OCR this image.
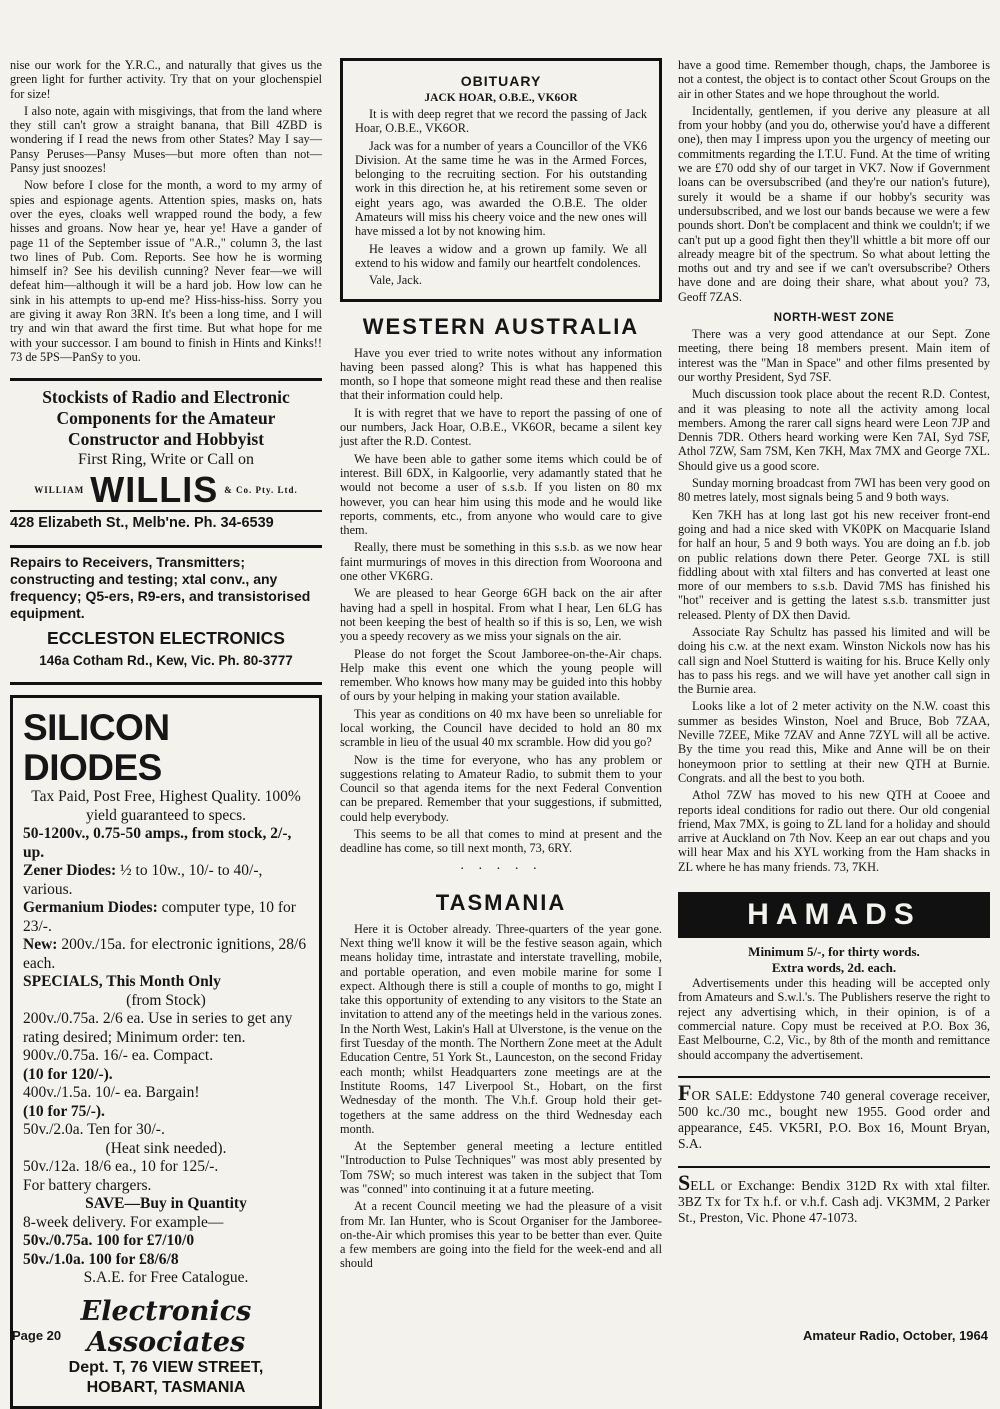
nise our work for the Y.R.C., and naturally that gives us the green light for further activity. Try that on your glochenspiel for size!

I also note, again with misgivings, that from the land where they still can't grow a straight banana, that Bill 4ZBD is wondering if I read the news from other States? May I say—Pansy Peruses—Pansy Muses—but more often than not—Pansy just snoozes!

Now before I close for the month, a word to my army of spies and espionage agents. Attention spies, masks on, hats over the eyes, cloaks well wrapped round the body, a few hisses and groans. Now hear ye, hear ye! Have a gander of page 11 of the September issue of "A.R.," column 3, the last two lines of Pub. Com. Reports. See how he is worming himself in? See his devilish cunning? Never fear—we will defeat him—although it will be a hard job. How low can he sink in his attempts to up-end me? Hiss-hiss-hiss. Sorry you are giving it away Ron 3RN. It's been a long time, and I will try and win that award the first time. But what hope for me with your successor. I am bound to finish in Hints and Kinks!! 73 de 5PS—PanSy to you.

Stockists of Radio and Electronic
Components for the Amateur
Constructor and Hobbyist
First Ring, Write or Call on
WILLIAM WILLIS & Co. Pty. Ltd.
428 Elizabeth St., Melb'ne. Ph. 34-6539
Repairs to Receivers, Transmitters; constructing and testing; xtal conv., any frequency; Q5-ers, R9-ers, and transistorised equipment.
ECCLESTON ELECTRONICS
146a Cotham Rd., Kew, Vic. Ph. 80-3777
SILICON DIODES

Tax Paid, Post Free, Highest Quality. 100% yield guaranteed to specs.

50-1200v., 0.75-50 amps., from stock, 2/-, up.

Zener Diodes: ½ to 10w., 10/- to 40/-, various.

Germanium Diodes: computer type, 10 for 23/-.

New: 200v./15a. for electronic ignitions, 28/6 each.

SPECIALS, This Month Only

(from Stock)

200v./0.75a. 2/6 ea. Use in series to get any rating desired; Minimum order: ten.

900v./0.75a. 16/- ea. Compact.

(10 for 120/-).

400v./1.5a. 10/- ea. Bargain!

(10 for 75/-).

50v./2.0a. Ten for 30/-.

(Heat sink needed).

50v./12a. 18/6 ea., 10 for 125/-.

For battery chargers.

SAVE—Buy in Quantity

8-week delivery. For example—

50v./0.75a. 100 for £7/10/0

50v./1.0a. 100 for £8/6/8

S.A.E. for Free Catalogue.

Electronics Associates
Dept. T, 76 VIEW STREET,
HOBART, TASMANIA
OBITUARY
JACK HOAR, O.B.E., VK6OR

It is with deep regret that we record the passing of Jack Hoar, O.B.E., VK6OR.

Jack was for a number of years a Councillor of the VK6 Division. At the same time he was in the Armed Forces, belonging to the recruiting section. For his outstanding work in this direction he, at his retirement some seven or eight years ago, was awarded the O.B.E. The older Amateurs will miss his cheery voice and the new ones will have missed a lot by not knowing him.

He leaves a widow and a grown up family. We all extend to his widow and family our heartfelt condolences.

Vale, Jack.

WESTERN AUSTRALIA

Have you ever tried to write notes without any information having been passed along? This is what has happened this month, so I hope that someone might read these and then realise that their information could help.

It is with regret that we have to report the passing of one of our numbers, Jack Hoar, O.B.E., VK6OR, became a silent key just after the R.D. Contest.

We have been able to gather some items which could be of interest. Bill 6DX, in Kalgoorlie, very adamantly stated that he would not become a user of s.s.b. If you listen on 80 mx however, you can hear him using this mode and he would like reports, comments, etc., from anyone who would care to give them.

Really, there must be something in this s.s.b. as we now hear faint murmurings of moves in this direction from Wooroona and one other VK6RG.

We are pleased to hear George 6GH back on the air after having had a spell in hospital. From what I hear, Len 6LG has not been keeping the best of health so if this is so, Len, we wish you a speedy recovery as we miss your signals on the air.

Please do not forget the Scout Jamboree-on-the-Air chaps. Help make this event one which the young people will remember. Who knows how many may be guided into this hobby of ours by your helping in making your station available.

This year as conditions on 40 mx have been so unreliable for local working, the Council have decided to hold an 80 mx scramble in lieu of the usual 40 mx scramble. How did you go?

Now is the time for everyone, who has any problem or suggestions relating to Amateur Radio, to submit them to your Council so that agenda items for the next Federal Convention can be prepared. Remember that your suggestions, if submitted, could help everybody.

This seems to be all that comes to mind at present and the deadline has come, so till next month, 73, 6RY.

· · · · ·
TASMANIA

Here it is October already. Three-quarters of the year gone. Next thing we'll know it will be the festive season again, which means holiday time, intrastate and interstate travelling, mobile, and portable operation, and even mobile marine for some I expect. Although there is still a couple of months to go, might I take this opportunity of extending to any visitors to the State an invitation to attend any of the meetings held in the various zones. In the North West, Lakin's Hall at Ulverstone, is the venue on the first Tuesday of the month. The Northern Zone meet at the Adult Education Centre, 51 York St., Launceston, on the second Friday each month; whilst Headquarters zone meetings are at the Institute Rooms, 147 Liverpool St., Hobart, on the first Wednesday of the month. The V.h.f. Group hold their get-togethers at the same address on the third Wednesday each month.

At the September general meeting a lecture entitled "Introduction to Pulse Techniques" was most ably presented by Tom 7SW; so much interest was taken in the subject that Tom was "conned" into continuing it at a future meeting.

At a recent Council meeting we had the pleasure of a visit from Mr. Ian Hunter, who is Scout Organiser for the Jamboree-on-the-Air which promises this year to be better than ever. Quite a few members are going into the field for the week-end and all should

have a good time. Remember though, chaps, the Jamboree is not a contest, the object is to contact other Scout Groups on the air in other States and we hope throughout the world.

Incidentally, gentlemen, if you derive any pleasure at all from your hobby (and you do, otherwise you'd have a different one), then may I impress upon you the urgency of meeting our commitments regarding the I.T.U. Fund. At the time of writing we are £70 odd shy of our target in VK7. Now if Government loans can be oversubscribed (and they're our nation's future), surely it would be a shame if our hobby's security was undersubscribed, and we lost our bands because we were a few pounds short. Don't be complacent and think we couldn't; if we can't put up a good fight then they'll whittle a bit more off our already meagre bit of the spectrum. So what about letting the moths out and try and see if we can't oversubscribe? Others have done and are doing their share, what about you? 73, Geoff 7ZAS.

NORTH-WEST ZONE

There was a very good attendance at our Sept. Zone meeting, there being 18 members present. Main item of interest was the "Man in Space" and other films presented by our worthy President, Syd 7SF.

Much discussion took place about the recent R.D. Contest, and it was pleasing to note all the activity among local members. Among the rarer call signs heard were Leon 7JP and Dennis 7DR. Others heard working were Ken 7AI, Syd 7SF, Athol 7ZW, Sam 7SM, Ken 7KH, Max 7MX and George 7XL. Should give us a good score.

Sunday morning broadcast from 7WI has been very good on 80 metres lately, most signals being 5 and 9 both ways.

Ken 7KH has at long last got his new receiver front-end going and had a nice sked with VK0PK on Macquarie Island for half an hour, 5 and 9 both ways. You are doing an f.b. job on public relations down there Peter. George 7XL is still fiddling about with xtal filters and has converted at least one more of our members to s.s.b. David 7MS has finished his "hot" receiver and is getting the latest s.s.b. transmitter just released. Plenty of DX then David.

Associate Ray Schultz has passed his limited and will be doing his c.w. at the next exam. Winston Nickols now has his call sign and Noel Stutterd is waiting for his. Bruce Kelly only has to pass his regs. and we will have yet another call sign in the Burnie area.

Looks like a lot of 2 meter activity on the N.W. coast this summer as besides Winston, Noel and Bruce, Bob 7ZAA, Neville 7ZEE, Mike 7ZAV and Anne 7ZYL will all be active. By the time you read this, Mike and Anne will be on their honeymoon prior to settling at their new QTH at Burnie. Congrats. and all the best to you both.

Athol 7ZW has moved to his new QTH at Cooee and reports ideal conditions for radio out there. Our old congenial friend, Max 7MX, is going to ZL land for a holiday and should arrive at Auckland on 7th Nov. Keep an ear out chaps and you will hear Max and his XYL working from the Ham shacks in ZL where he has many friends. 73, 7KH.

HAMADS
Minimum 5/-, for thirty words.
Extra words, 2d. each.

Advertisements under this heading will be accepted only from Amateurs and S.w.l.'s. The Publishers reserve the right to reject any advertising which, in their opinion, is of a commercial nature. Copy must be received at P.O. Box 36, East Melbourne, C.2, Vic., by 8th of the month and remittance should accompany the advertisement.

FOR SALE: Eddystone 740 general coverage receiver, 500 kc./30 mc., bought new 1955. Good order and appearance, £45. VK5RI, P.O. Box 16, Mount Bryan, S.A.

SELL or Exchange: Bendix 312D Rx with xtal filter. 3BZ Tx for Tx h.f. or v.h.f. Cash adj. VK3MM, 2 Parker St., Preston, Vic. Phone 47-1073.

Page 20	Amateur Radio, October, 1964
